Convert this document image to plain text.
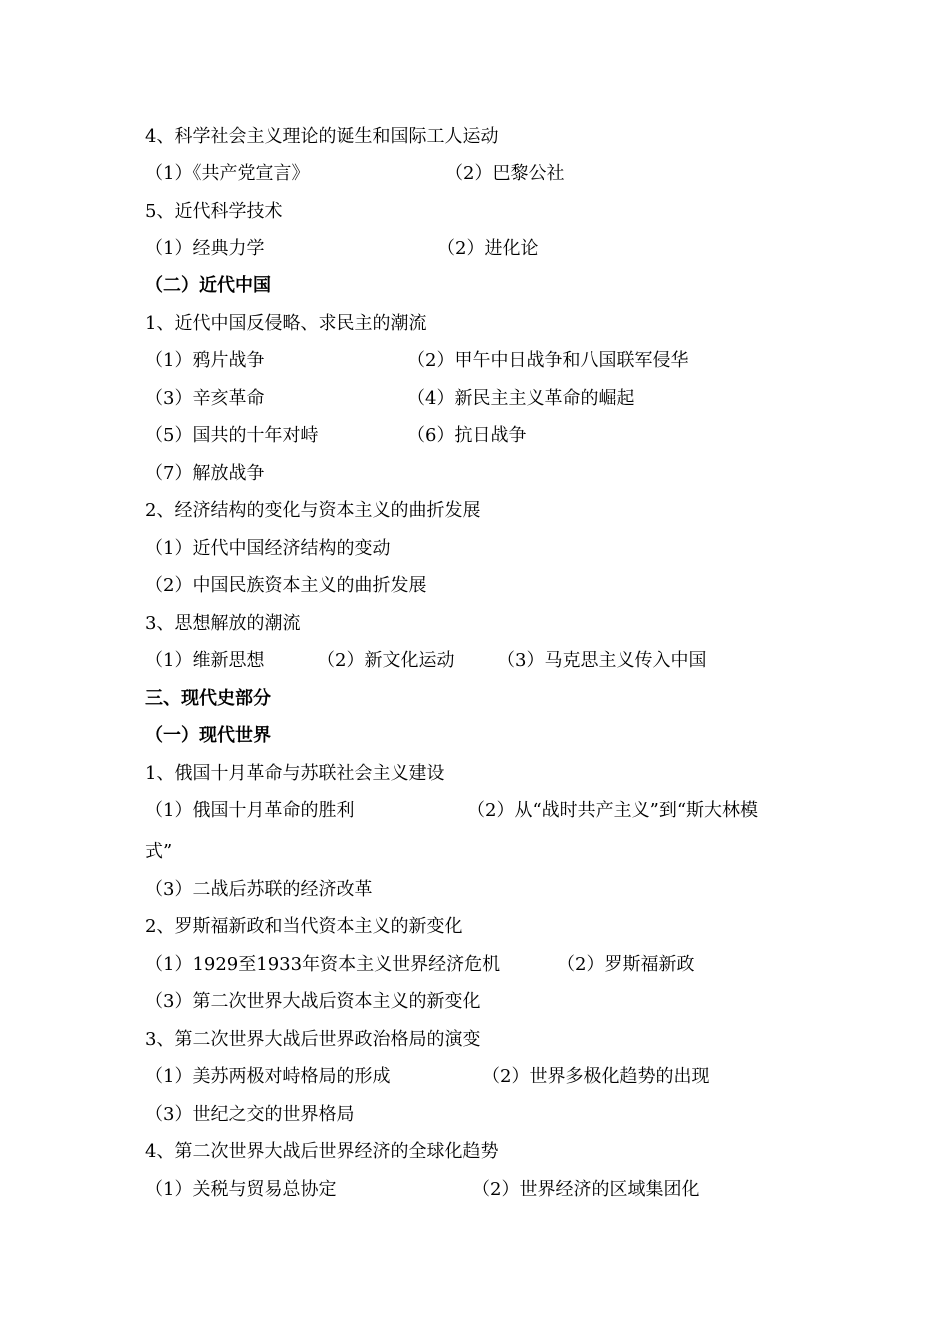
4、科学社会主义理论的诞生和国际工人运动
（1）《共产党宣言》	（2）巴黎公社
5、近代科学技术
（1）经典力学	（2）进化论
（二）近代中国
1、近代中国反侵略、求民主的潮流
（1）鸦片战争	（2）甲午中日战争和八国联军侵华
（3）辛亥革命	（4）新民主主义革命的崛起
（5）国共的十年对峙	（6）抗日战争
（7）解放战争
2、经济结构的变化与资本主义的曲折发展
（1）近代中国经济结构的变动
（2）中国民族资本主义的曲折发展
3、思想解放的潮流
（1）维新思想	（2）新文化运动 （3）马克思主义传入中国
三、现代史部分
（一）现代世界
1、俄国十月革命与苏联社会主义建设
（1）俄国十月革命的胜利	（2）从“战时共产主义”到“斯大林模
式”
（3）二战后苏联的经济改革
2、罗斯福新政和当代资本主义的新变化
（1）1929至1933年资本主义世界经济危机	（2）罗斯福新政
（3）第二次世界大战后资本主义的新变化
3、第二次世界大战后世界政治格局的演变
（1）美苏两极对峙格局的形成	（2）世界多极化趋势的出现
（3）世纪之交的世界格局
4、第二次世界大战后世界经济的全球化趋势
（1）关税与贸易总协定	（2）世界经济的区域集团化
